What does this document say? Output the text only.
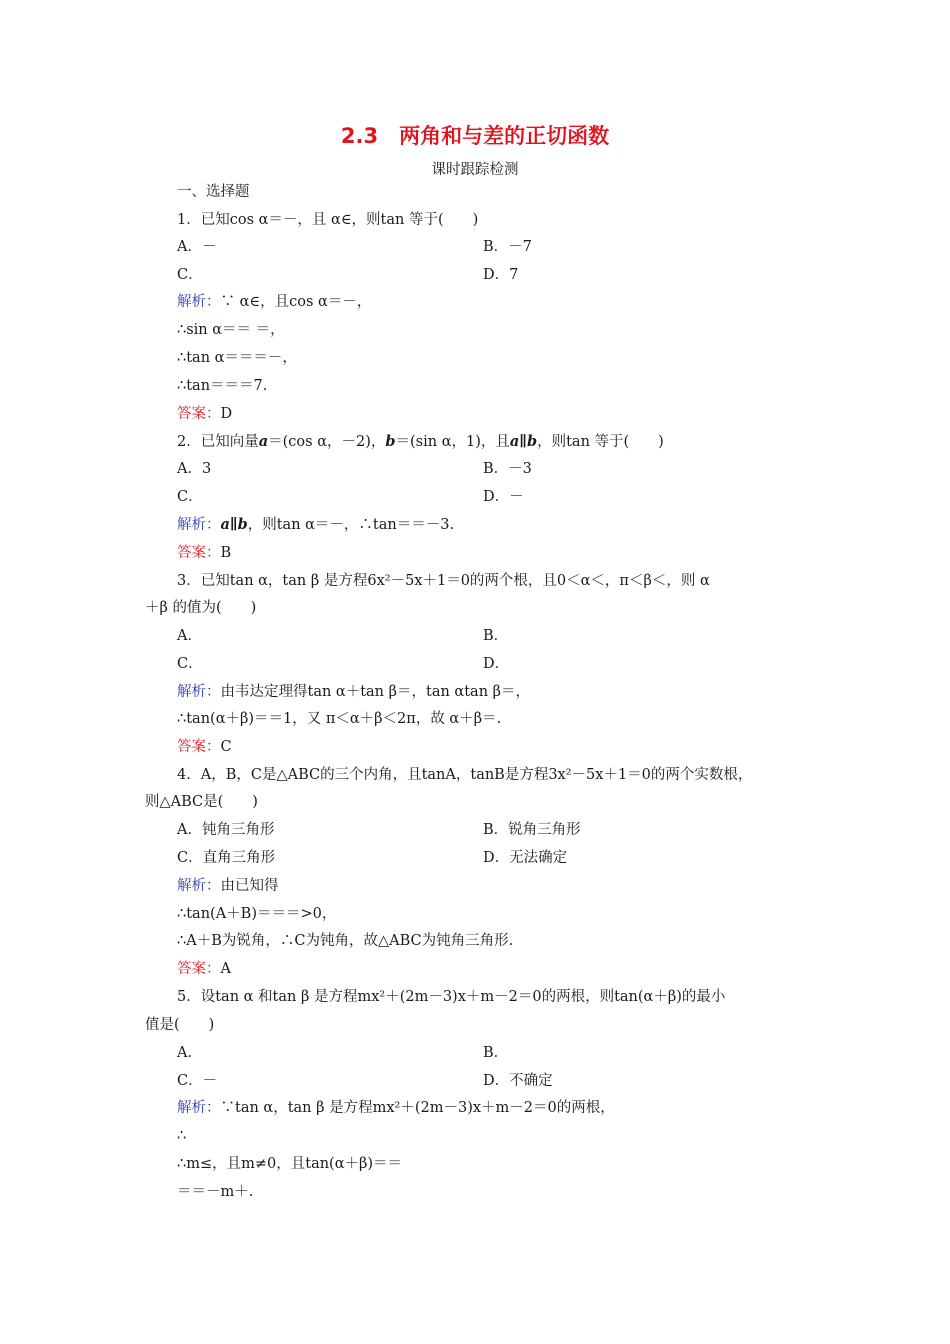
2.3　两角和与差的正切函数
课时跟踪检测
一、选择题
1．已知cos α＝－，且 α∈，则tan 等于(　　)
A．－	B．－7
C．	D．7
解析：∵ α∈，且cos α＝－，
∴sin α＝＝ ＝，
∴tan α＝＝＝－，
∴tan＝＝＝7.
答案：D
2．已知向量a＝(cos α，－2)，b＝(sin α，1)，且a∥b，则tan 等于(　　)
A．3	B．－3
C．	D．－
解析：a∥b，则tan α＝－，∴tan＝＝－3.
答案：B
3．已知tan α，tan β 是方程6x²－5x＋1＝0的两个根，且0＜α＜，π＜β＜，则 α
＋β 的值为(　　)
A．	B．
C．	D．
解析：由韦达定理得tan α＋tan β＝，tan αtan β＝，
∴tan(α＋β)＝＝1，又 π＜α＋β＜2π，故 α＋β＝.
答案：C
4．A，B，C是△ABC的三个内角，且tanA，tanB是方程3x²－5x＋1＝0的两个实数根，
则△ABC是(　　)
A．钝角三角形	B．锐角三角形
C．直角三角形	D．无法确定
解析：由已知得
∴tan(A＋B)＝＝＝>0，
∴A＋B为锐角，∴C为钝角，故△ABC为钝角三角形.
答案：A
5．设tan α 和tan β 是方程mx²＋(2m－3)x＋m－2＝0的两根，则tan(α＋β)的最小
值是(　　)
A．	B．
C．－	D．不确定
解析：∵tan α，tan β 是方程mx²＋(2m－3)x＋m－2＝0的两根，
∴
∴m≤，且m≠0，且tan(α＋β)＝＝
＝＝－m＋.
